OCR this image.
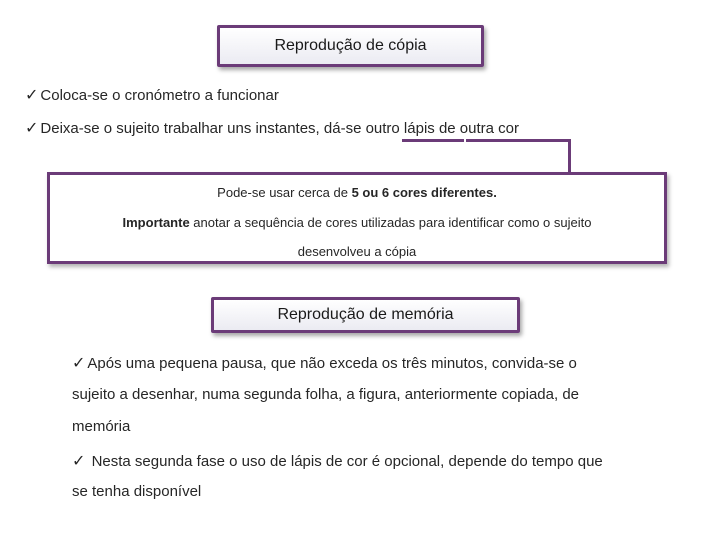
Reprodução de cópia
✓ Coloca-se o cronómetro a funcionar
✓ Deixa-se o sujeito trabalhar uns instantes, dá-se outro lápis de outra cor
Pode-se usar cerca de 5 ou 6 cores diferentes.
Importante anotar a sequência de cores utilizadas para identificar como o sujeito
desenvolveu a cópia
Reprodução de memória
✓ Após uma pequena pausa, que não exceda os três minutos, convida-se o
sujeito a desenhar, numa segunda folha, a figura, anteriormente copiada, de
memória
✓ Nesta segunda fase o uso de lápis de cor é opcional, depende do tempo que
se tenha disponível
